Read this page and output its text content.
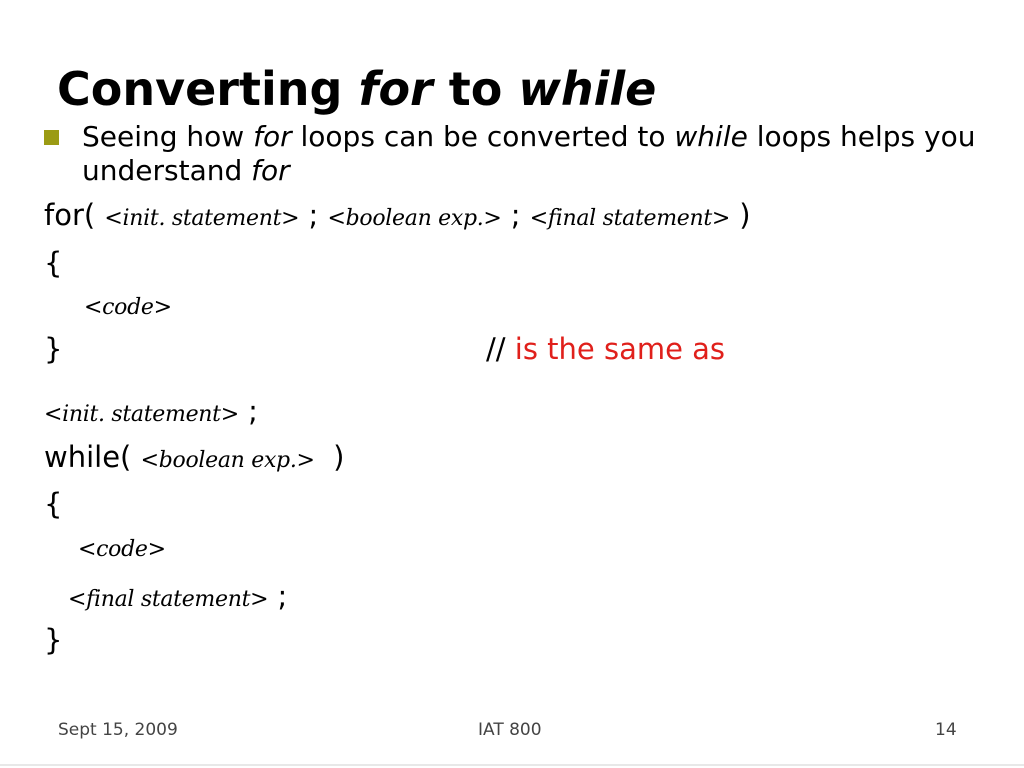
Converting for to while
Seeing how for loops can be converted to while loops helps you understand for
for( <init. statement> ; <boolean exp.> ; <final statement> )
{
<code>
}	// is the same as
<init. statement> ;
while( <boolean exp.> )
{
<code>
<final statement> ;
}
Sept 15, 2009	IAT 800	14
